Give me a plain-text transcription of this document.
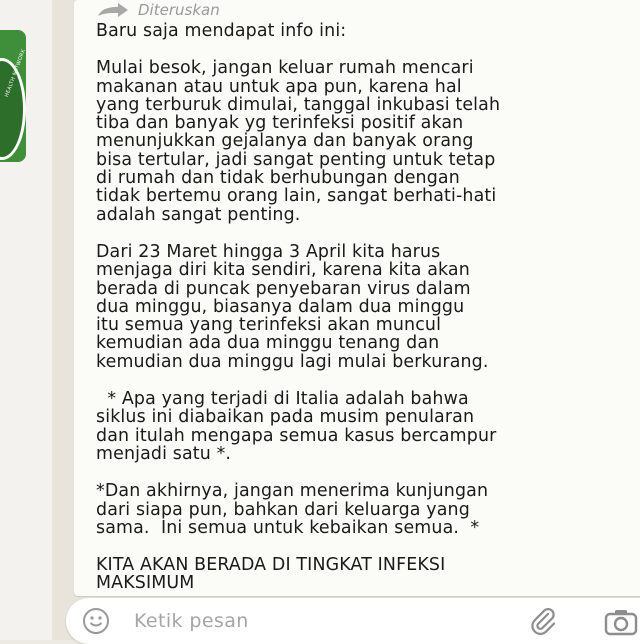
HEALTH NETWORK
Diteruskan
Baru saja mendapat info ini:
Mulai besok, jangan keluar rumah mencari
makanan atau untuk apa pun, karena hal
yang terburuk dimulai, tanggal inkubasi telah
tiba dan banyak yg terinfeksi positif akan
menunjukkan gejalanya dan banyak orang
bisa tertular, jadi sangat penting untuk tetap
di rumah dan tidak berhubungan dengan
tidak bertemu orang lain, sangat berhati-hati
adalah sangat penting.
Dari 23 Maret hingga 3 April kita harus
menjaga diri kita sendiri, karena kita akan
berada di puncak penyebaran virus dalam
dua minggu, biasanya dalam dua minggu
itu semua yang terinfeksi akan muncul
kemudian ada dua minggu tenang dan
kemudian dua minggu lagi mulai berkurang.
* Apa yang terjadi di Italia adalah bahwa
siklus ini diabaikan pada musim penularan
dan itulah mengapa semua kasus bercampur
menjadi satu *.
*Dan akhirnya, jangan menerima kunjungan
dari siapa pun, bahkan dari keluarga yang
sama.  Ini semua untuk kebaikan semua.  *
KITA AKAN BERADA DI TINGKAT INFEKSI
MAKSIMUM
Ketik pesan
